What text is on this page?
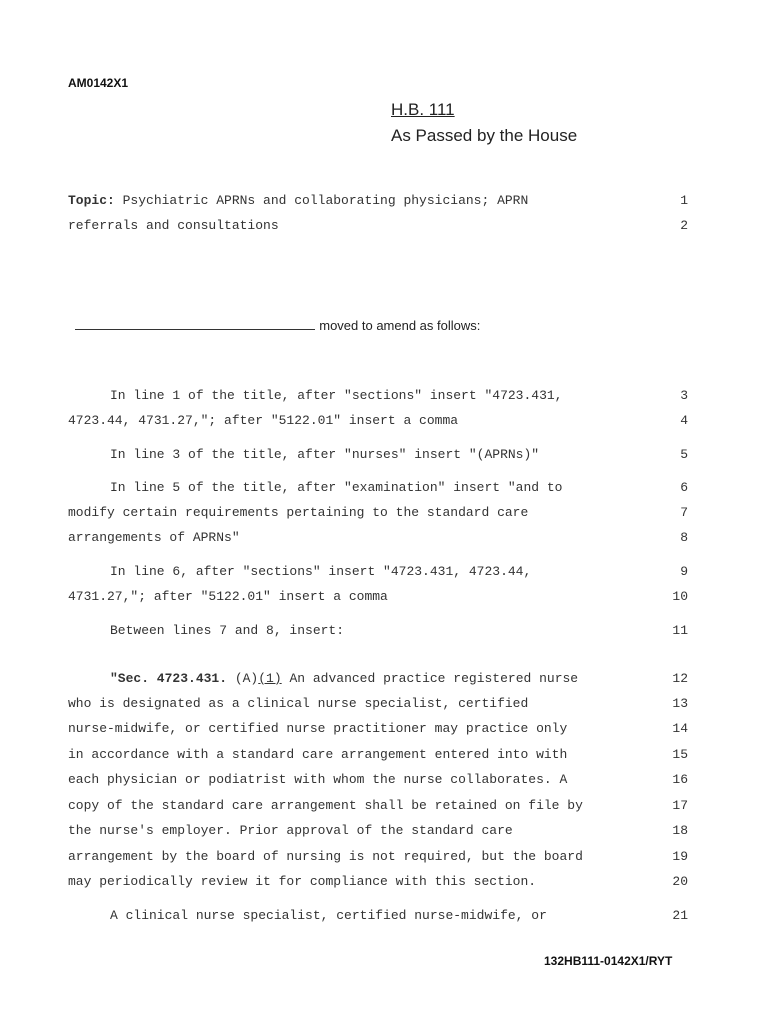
AM0142X1
H.B. 111
As Passed by the House
Topic: Psychiatric APRNs and collaborating physicians; APRN	1
referrals and consultations	2

moved to amend as follows:

In line 1 of the title, after "sections" insert "4723.431,	3
4723.44, 4731.27,"; after "5122.01" insert a comma	4
In line 3 of the title, after "nurses" insert "(APRNs)"	5
In line 5 of the title, after "examination" insert "and to	6
modify certain requirements pertaining to the standard care	7
arrangements of APRNs"	8
In line 6, after "sections" insert "4723.431, 4723.44,	9
4731.27,"; after "5122.01" insert a comma	10
Between lines 7 and 8, insert:	11
"Sec. 4723.431. (A)(1) An advanced practice registered nurse	12
who is designated as a clinical nurse specialist, certified	13
nurse-midwife, or certified nurse practitioner may practice only	14
in accordance with a standard care arrangement entered into with	15
each physician or podiatrist with whom the nurse collaborates. A	16
copy of the standard care arrangement shall be retained on file by	17
the nurse's employer. Prior approval of the standard care	18
arrangement by the board of nursing is not required, but the board	19
may periodically review it for compliance with this section.	20
A clinical nurse specialist, certified nurse-midwife, or	21
132HB111-0142X1/RYT
